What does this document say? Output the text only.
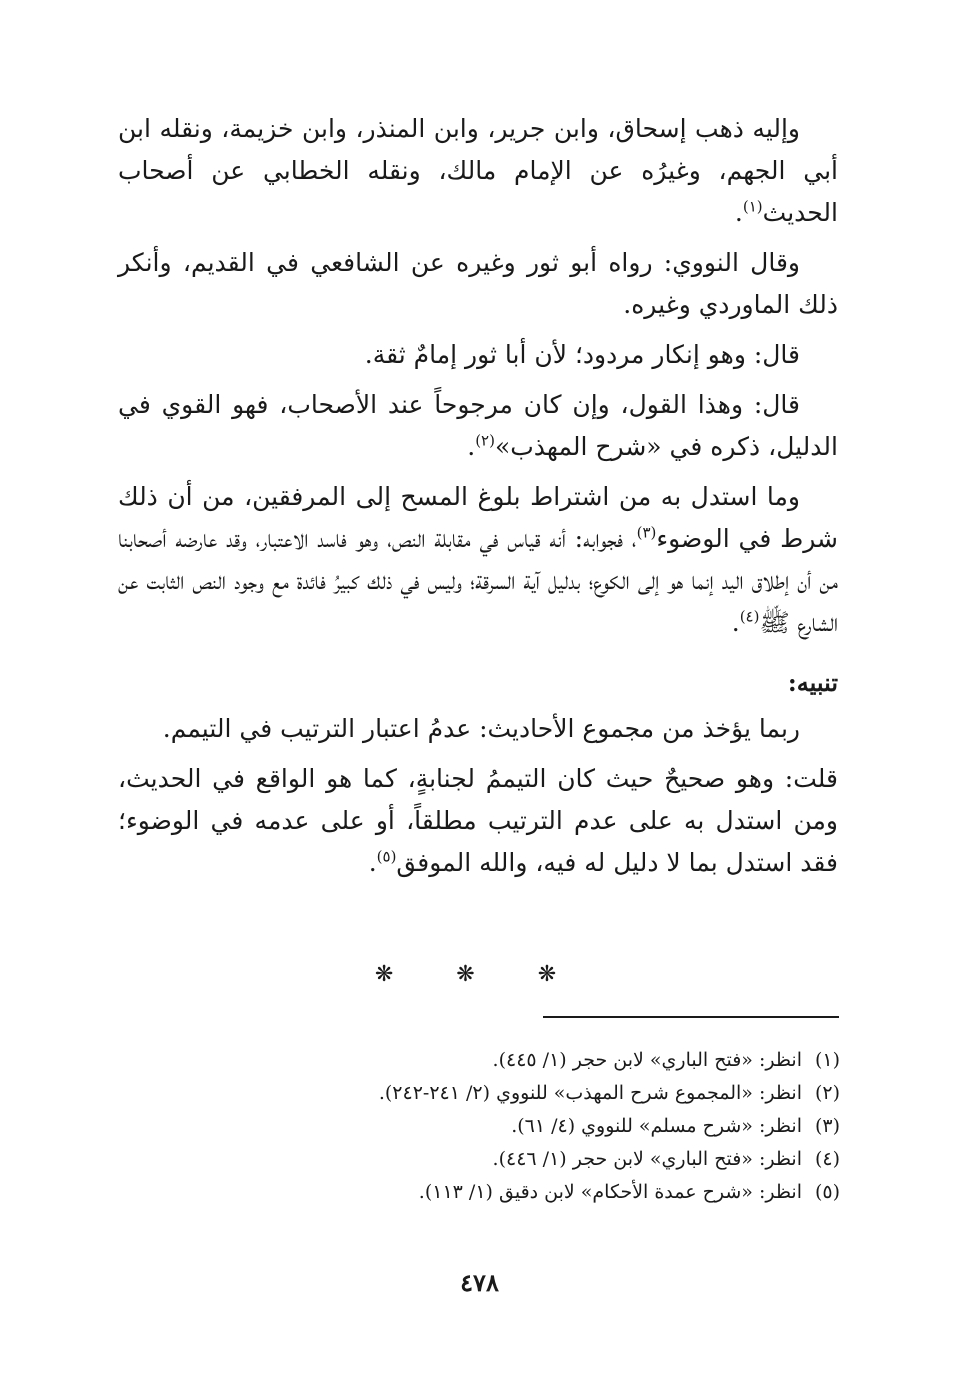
وإليه ذهب إسحاق، وابن جرير، وابن المنذر، وابن خزيمة، ونقله ابن أبي الجهم، وغيرُه عن الإمام مالك، ونقله الخطابي عن أصحاب الحديث$^{(١)}$.

وقال النووي: رواه أبو ثور وغيره عن الشافعي في القديم، وأنكر ذلك الماوردي وغيره.

قال: وهو إنكار مردود؛ لأن أبا ثور إمامٌ ثقة.

قال: وهذا القول، وإن كان مرجوحاً عند الأصحاب، فهو القوي في الدليل، ذكره في «شرح المهذب»$^{(٢)}$.

وما استدل به من اشتراط بلوغ المسح إلى المرفقين، من أن ذلك شرط في الوضوء$^{(٣)}$، فجوابه: أنه قياس في مقابلة النص، وهو فاسد الاعتبار، وقد عارضه أصحابنا من أن إطلاق اليد إنما هو إلى الكوع؛ بدليل آية السرقة؛ وليس في ذلك كبيرُ فائدة مع وجود النص الثابت عن الشارع ﷺ$^{(٤)}$.

تنبيه:

ربما يؤخذ من مجموع الأحاديث: عدمُ اعتبار الترتيب في التيمم.

قلت: وهو صحيحٌ حيث كان التيممُ لجنابةٍ، كما هو الواقع في الحديث، ومن استدل به على عدم الترتيب مطلقاً، أو على عدمه في الوضوء؛ فقد استدل بما لا دليل له فيه، والله الموفق$^{(٥)}$.

❋ ❋ ❋
(١)انظر: «فتح الباري» لابن حجر (١/ ٤٤٥).
(٢)انظر: «المجموع شرح المهذب» للنووي (٢/ ٢٤١-٢٤٢).
(٣)انظر: «شرح مسلم» للنووي (٤/ ٦١).
(٤)انظر: «فتح الباري» لابن حجر (١/ ٤٤٦).
(٥)انظر: «شرح عمدة الأحكام» لابن دقيق (١/ ١١٣).
٤٧٨
